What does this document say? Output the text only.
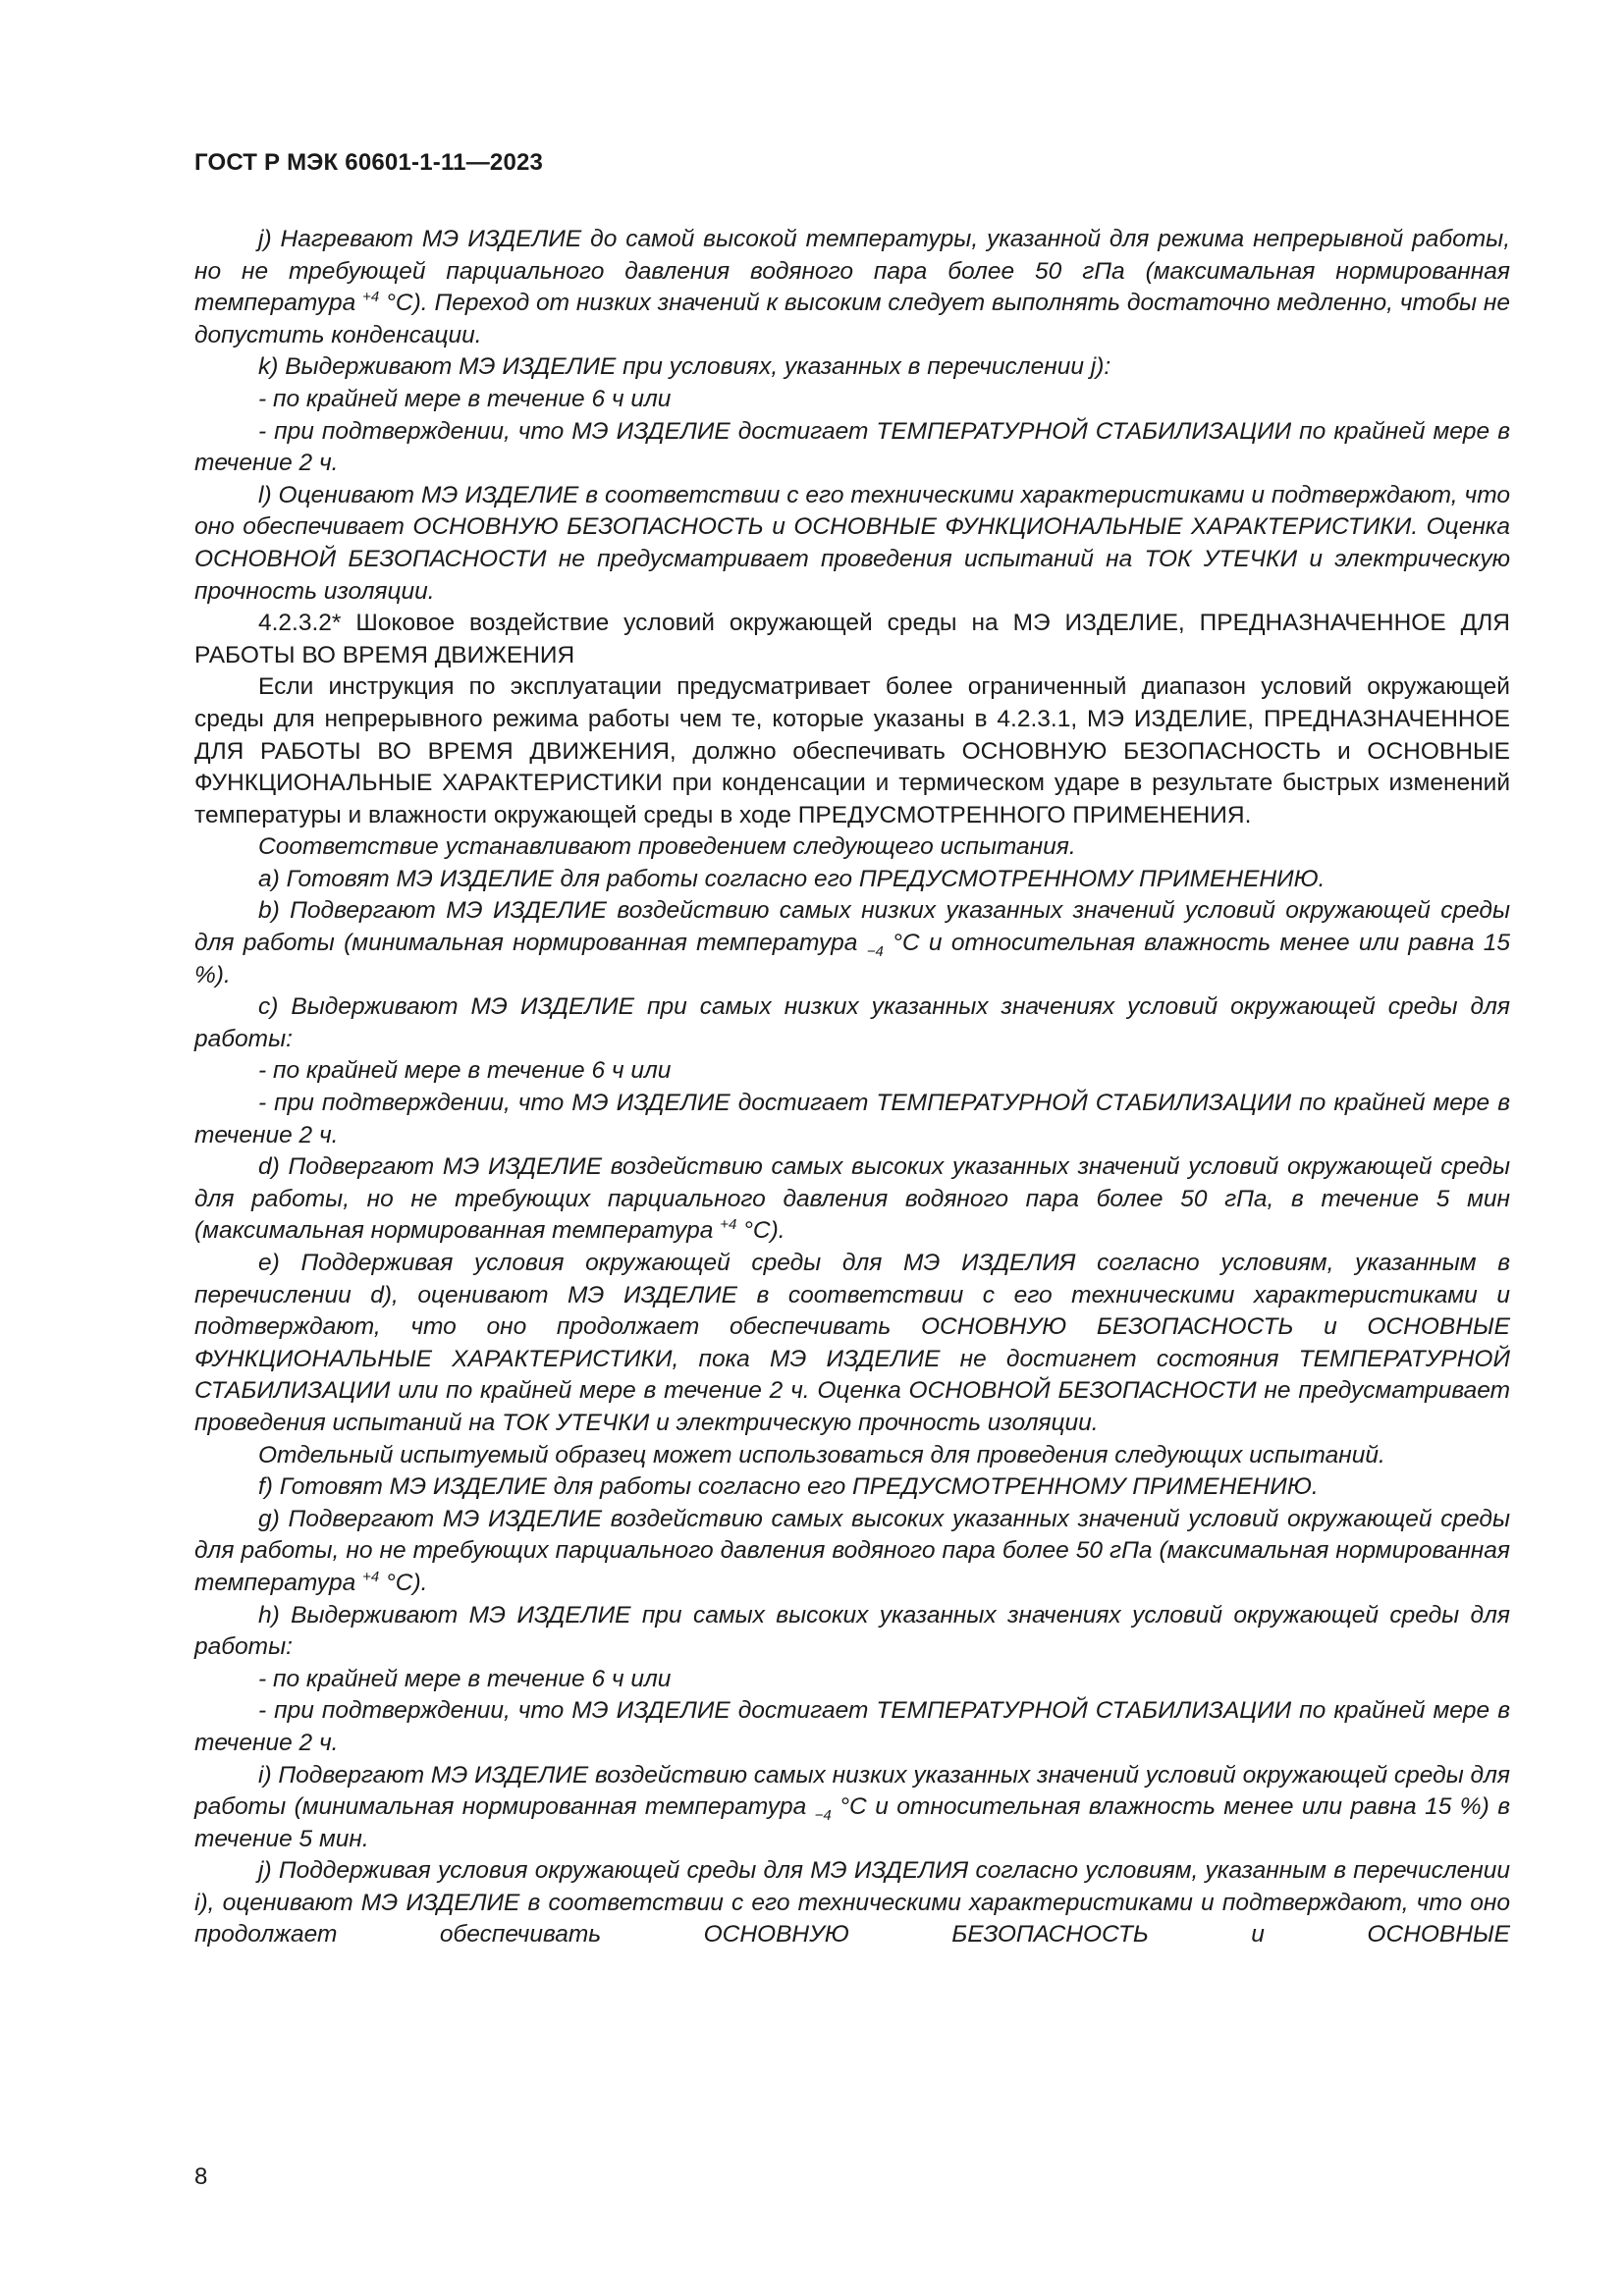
ГОСТ Р МЭК 60601-1-11—2023

j) Нагревают МЭ ИЗДЕЛИЕ до самой высокой температуры, указанной для режима непрерывной работы, но не требующей парциального давления водяного пара более 50 гПа (максимальная нормированная температура $^{+4}$ °С). Переход от низких значений к высоким следует выполнять достаточно медленно, чтобы не допустить конденсации.

k) Выдерживают МЭ ИЗДЕЛИЕ при условиях, указанных в перечислении j):

- по крайней мере в течение 6 ч или

- при подтверждении, что МЭ ИЗДЕЛИЕ достигает ТЕМПЕРАТУРНОЙ СТАБИЛИЗАЦИИ по крайней мере в течение 2 ч.

l) Оценивают МЭ ИЗДЕЛИЕ в соответствии с его техническими характеристиками и подтверждают, что оно обеспечивает ОСНОВНУЮ БЕЗОПАСНОСТЬ и ОСНОВНЫЕ ФУНКЦИОНАЛЬНЫЕ ХАРАКТЕРИСТИКИ. Оценка ОСНОВНОЙ БЕЗОПАСНОСТИ не предусматривает проведения испытаний на ТОК УТЕЧКИ и электрическую прочность изоляции.

4.2.3.2* Шоковое воздействие условий окружающей среды на МЭ ИЗДЕЛИЕ, ПРЕДНАЗНАЧЕННОЕ ДЛЯ РАБОТЫ ВО ВРЕМЯ ДВИЖЕНИЯ

Если инструкция по эксплуатации предусматривает более ограниченный диапазон условий окружающей среды для непрерывного режима работы чем те, которые указаны в 4.2.3.1, МЭ ИЗДЕЛИЕ, ПРЕДНАЗНАЧЕННОЕ ДЛЯ РАБОТЫ ВО ВРЕМЯ ДВИЖЕНИЯ, должно обеспечивать ОСНОВНУЮ БЕЗОПАСНОСТЬ и ОСНОВНЫЕ ФУНКЦИОНАЛЬНЫЕ ХАРАКТЕРИСТИКИ при конденсации и термическом ударе в результате быстрых изменений температуры и влажности окружающей среды в ходе ПРЕДУСМОТРЕННОГО ПРИМЕНЕНИЯ.

Соответствие устанавливают проведением следующего испытания.

a) Готовят МЭ ИЗДЕЛИЕ для работы согласно его ПРЕДУСМОТРЕННОМУ ПРИМЕНЕНИЮ.

b) Подвергают МЭ ИЗДЕЛИЕ воздействию самых низких указанных значений условий окружающей среды для работы (минимальная нормированная температура $_{-4}$ °С и относительная влажность менее или равна 15 %).

c) Выдерживают МЭ ИЗДЕЛИЕ при самых низких указанных значениях условий окружающей среды для работы:

- по крайней мере в течение 6 ч или

- при подтверждении, что МЭ ИЗДЕЛИЕ достигает ТЕМПЕРАТУРНОЙ СТАБИЛИЗАЦИИ по крайней мере в течение 2 ч.

d) Подвергают МЭ ИЗДЕЛИЕ воздействию самых высоких указанных значений условий окружающей среды для работы, но не требующих парциального давления водяного пара более 50 гПа, в течение 5 мин (максимальная нормированная температура $^{+4}$ °С).

e) Поддерживая условия окружающей среды для МЭ ИЗДЕЛИЯ согласно условиям, указанным в перечислении d), оценивают МЭ ИЗДЕЛИЕ в соответствии с его техническими характеристиками и подтверждают, что оно продолжает обеспечивать ОСНОВНУЮ БЕЗОПАСНОСТЬ и ОСНОВНЫЕ ФУНКЦИОНАЛЬНЫЕ ХАРАКТЕРИСТИКИ, пока МЭ ИЗДЕЛИЕ не достигнет состояния ТЕМПЕРАТУРНОЙ СТАБИЛИЗАЦИИ или по крайней мере в течение 2 ч. Оценка ОСНОВНОЙ БЕЗОПАСНОСТИ не предусматривает проведения испытаний на ТОК УТЕЧКИ и электрическую прочность изоляции.

Отдельный испытуемый образец может использоваться для проведения следующих испытаний.

f) Готовят МЭ ИЗДЕЛИЕ для работы согласно его ПРЕДУСМОТРЕННОМУ ПРИМЕНЕНИЮ.

g) Подвергают МЭ ИЗДЕЛИЕ воздействию самых высоких указанных значений условий окружающей среды для работы, но не требующих парциального давления водяного пара более 50 гПа (максимальная нормированная температура $^{+4}$ °С).

h) Выдерживают МЭ ИЗДЕЛИЕ при самых высоких указанных значениях условий окружающей среды для работы:

- по крайней мере в течение 6 ч или

- при подтверждении, что МЭ ИЗДЕЛИЕ достигает ТЕМПЕРАТУРНОЙ СТАБИЛИЗАЦИИ по крайней мере в течение 2 ч.

i) Подвергают МЭ ИЗДЕЛИЕ воздействию самых низких указанных значений условий окружающей среды для работы (минимальная нормированная температура $_{-4}$ °С и относительная влажность менее или равна 15 %) в течение 5 мин.

j) Поддерживая условия окружающей среды для МЭ ИЗДЕЛИЯ согласно условиям, указанным в перечислении i), оценивают МЭ ИЗДЕЛИЕ в соответствии с его техническими характеристиками и подтверждают, что оно продолжает обеспечивать ОСНОВНУЮ БЕЗОПАСНОСТЬ и ОСНОВНЫЕ

8
